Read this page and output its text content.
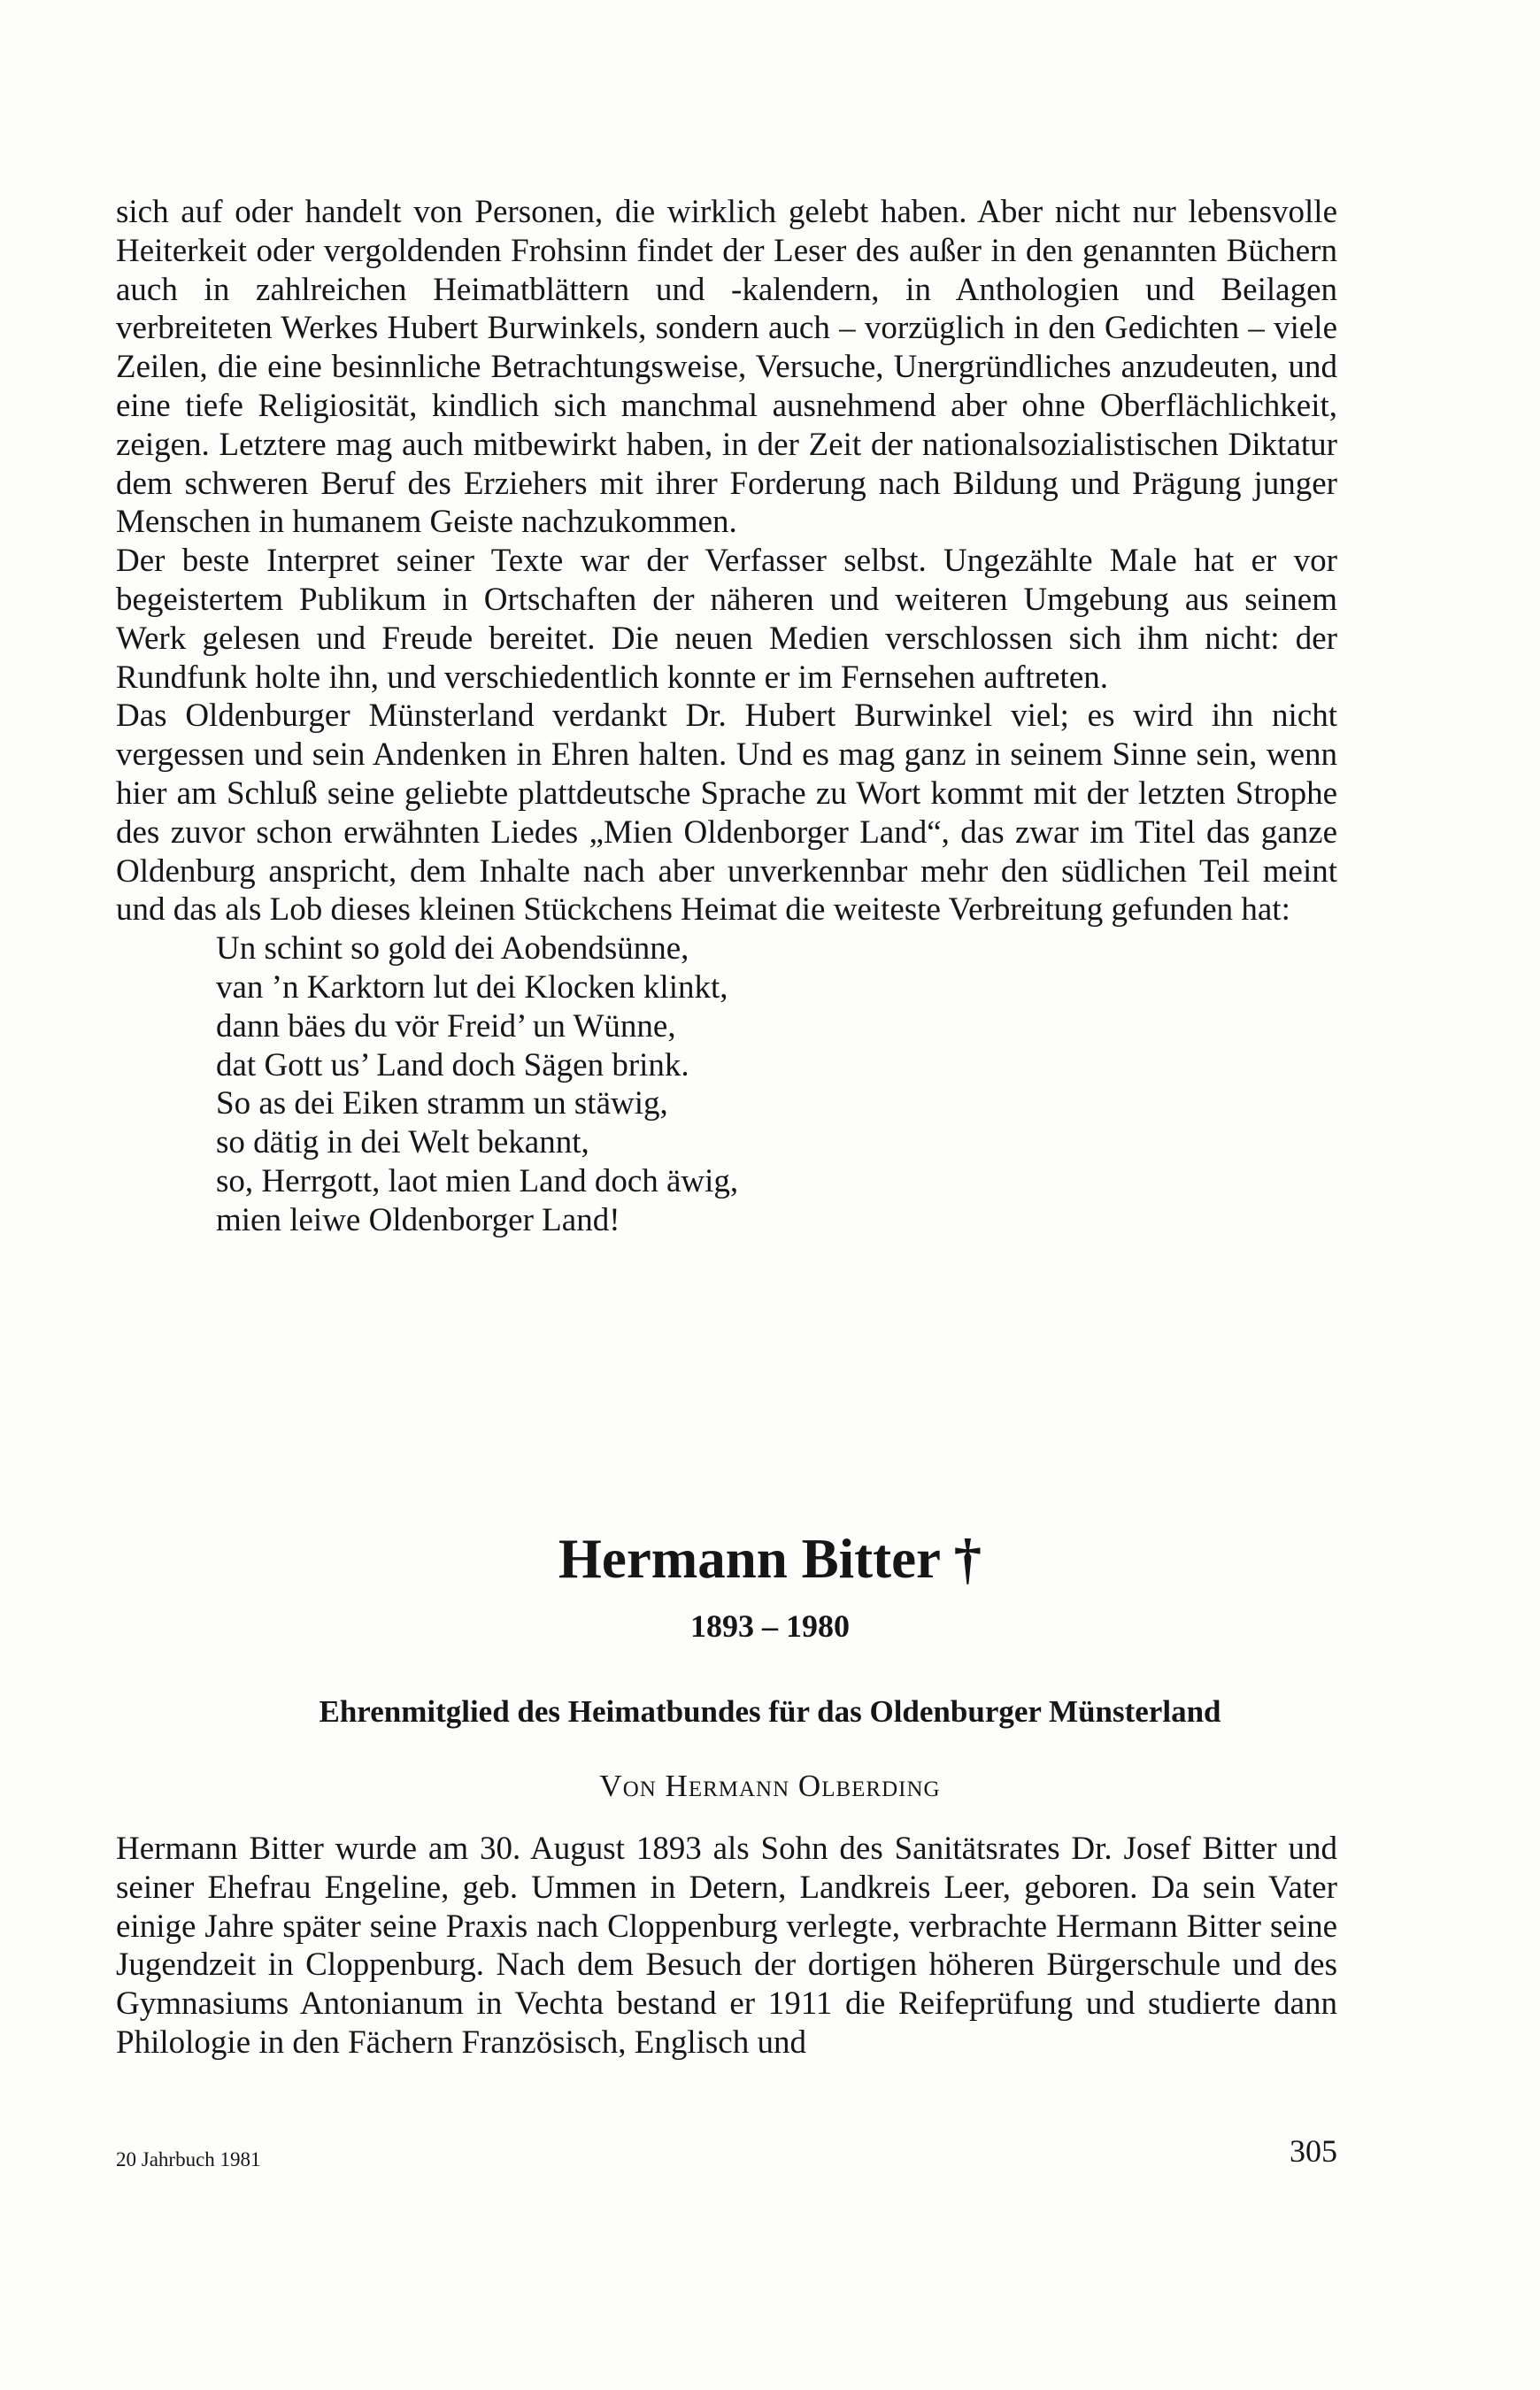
sich auf oder handelt von Personen, die wirklich gelebt haben. Aber nicht nur lebensvolle Heiterkeit oder vergoldenden Frohsinn findet der Leser des außer in den genannten Büchern auch in zahlreichen Heimatblättern und -kalendern, in Anthologien und Beilagen verbreiteten Werkes Hubert Burwinkels, sondern auch – vorzüglich in den Gedichten – viele Zeilen, die eine besinnliche Betrachtungsweise, Versuche, Unergründliches anzudeuten, und eine tiefe Religiosität, kindlich sich manchmal ausnehmend aber ohne Oberflächlichkeit, zeigen. Letztere mag auch mitbewirkt haben, in der Zeit der nationalsozialistischen Diktatur dem schweren Beruf des Erziehers mit ihrer Forderung nach Bildung und Prägung junger Menschen in humanem Geiste nachzukommen.

Der beste Interpret seiner Texte war der Verfasser selbst. Ungezählte Male hat er vor begeistertem Publikum in Ortschaften der näheren und weiteren Umgebung aus seinem Werk gelesen und Freude bereitet. Die neuen Medien verschlossen sich ihm nicht: der Rundfunk holte ihn, und verschiedentlich konnte er im Fernsehen auftreten.

Das Oldenburger Münsterland verdankt Dr. Hubert Burwinkel viel; es wird ihn nicht vergessen und sein Andenken in Ehren halten. Und es mag ganz in seinem Sinne sein, wenn hier am Schluß seine geliebte plattdeutsche Sprache zu Wort kommt mit der letzten Strophe des zuvor schon erwähnten Liedes „Mien Oldenborger Land“, das zwar im Titel das ganze Oldenburg anspricht, dem Inhalte nach aber unverkennbar mehr den südlichen Teil meint und das als Lob dieses kleinen Stückchens Heimat die weiteste Verbreitung gefunden hat:

Un schint so gold dei Aobendsünne,
van ’n Karktorn lut dei Klocken klinkt,
dann bäes du vör Freid’ un Wünne,
dat Gott us’ Land doch Sägen brink.
So as dei Eiken stramm un stäwig,
so dätig in dei Welt bekannt,
so, Herrgott, laot mien Land doch äwig,
mien leiwe Oldenborger Land!
Hermann Bitter †
1893 – 1980
Ehrenmitglied des Heimatbundes für das Oldenburger Münsterland
Von Hermann Olberding

Hermann Bitter wurde am 30. August 1893 als Sohn des Sanitätsrates Dr. Josef Bitter und seiner Ehefrau Engeline, geb. Ummen in Detern, Landkreis Leer, geboren. Da sein Vater einige Jahre später seine Praxis nach Cloppenburg verlegte, verbrachte Hermann Bitter seine Jugendzeit in Cloppenburg. Nach dem Besuch der dortigen höheren Bürgerschule und des Gymnasiums Antonianum in Vechta bestand er 1911 die Reifeprüfung und studierte dann Philologie in den Fächern Französisch, Englisch und

20 Jahrbuch 1981	305
